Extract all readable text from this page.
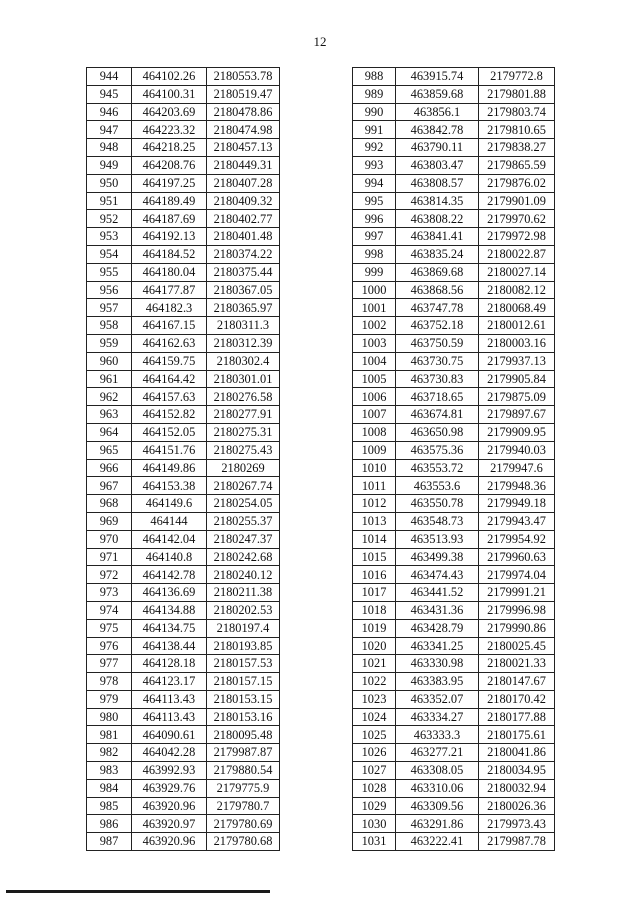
12
944	464102.26	2180553.78
945	464100.31	2180519.47
946	464203.69	2180478.86
947	464223.32	2180474.98
948	464218.25	2180457.13
949	464208.76	2180449.31
950	464197.25	2180407.28
951	464189.49	2180409.32
952	464187.69	2180402.77
953	464192.13	2180401.48
954	464184.52	2180374.22
955	464180.04	2180375.44
956	464177.87	2180367.05
957	464182.3	2180365.97
958	464167.15	2180311.3
959	464162.63	2180312.39
960	464159.75	2180302.4
961	464164.42	2180301.01
962	464157.63	2180276.58
963	464152.82	2180277.91
964	464152.05	2180275.31
965	464151.76	2180275.43
966	464149.86	2180269
967	464153.38	2180267.74
968	464149.6	2180254.05
969	464144	2180255.37
970	464142.04	2180247.37
971	464140.8	2180242.68
972	464142.78	2180240.12
973	464136.69	2180211.38
974	464134.88	2180202.53
975	464134.75	2180197.4
976	464138.44	2180193.85
977	464128.18	2180157.53
978	464123.17	2180157.15
979	464113.43	2180153.15
980	464113.43	2180153.16
981	464090.61	2180095.48
982	464042.28	2179987.87
983	463992.93	2179880.54
984	463929.76	2179775.9
985	463920.96	2179780.7
986	463920.97	2179780.69
987	463920.96	2179780.68
988	463915.74	2179772.8
989	463859.68	2179801.88
990	463856.1	2179803.74
991	463842.78	2179810.65
992	463790.11	2179838.27
993	463803.47	2179865.59
994	463808.57	2179876.02
995	463814.35	2179901.09
996	463808.22	2179970.62
997	463841.41	2179972.98
998	463835.24	2180022.87
999	463869.68	2180027.14
1000	463868.56	2180082.12
1001	463747.78	2180068.49
1002	463752.18	2180012.61
1003	463750.59	2180003.16
1004	463730.75	2179937.13
1005	463730.83	2179905.84
1006	463718.65	2179875.09
1007	463674.81	2179897.67
1008	463650.98	2179909.95
1009	463575.36	2179940.03
1010	463553.72	2179947.6
1011	463553.6	2179948.36
1012	463550.78	2179949.18
1013	463548.73	2179943.47
1014	463513.93	2179954.92
1015	463499.38	2179960.63
1016	463474.43	2179974.04
1017	463441.52	2179991.21
1018	463431.36	2179996.98
1019	463428.79	2179990.86
1020	463341.25	2180025.45
1021	463330.98	2180021.33
1022	463383.95	2180147.67
1023	463352.07	2180170.42
1024	463334.27	2180177.88
1025	463333.3	2180175.61
1026	463277.21	2180041.86
1027	463308.05	2180034.95
1028	463310.06	2180032.94
1029	463309.56	2180026.36
1030	463291.86	2179973.43
1031	463222.41	2179987.78
